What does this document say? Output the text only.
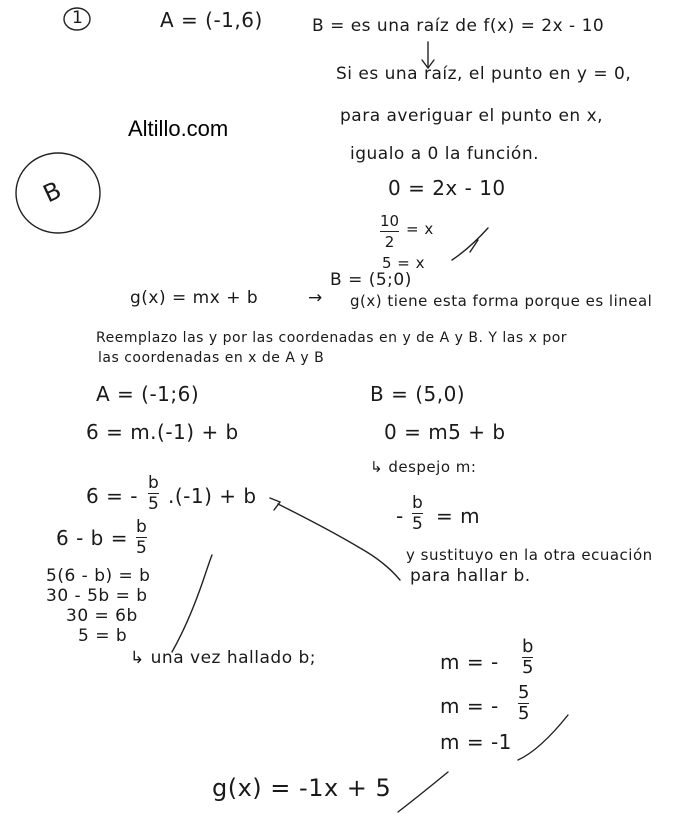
Altillo.com
B
1	A = (-1,6)	B = es una raíz de f(x) = 2x - 10
Si es una raíz, el punto en y = 0,
para averiguar el punto en x,
igualo a 0 la función.
0 = 2x - 10
10
2
= x
5 = x
B = (5;0)
g(x) = mx + b	→ g(x) tiene esta forma porque es lineal
Reemplazo las y por las coordenadas en y de A y B. Y las x por
las coordenadas en x de A y B
A = (-1;6)	B = (5,0)
6 = m.(-1) + b	0 = m5 + b
↳ despejo m:
-
b
5 = m
y sustituyo en la otra ecuación
para hallar b.
6 = -
b
5 .(-1) + b
6 - b = b
5
5(6 - b) = b
30 - 5b = b
30 = 6b
5 = b
↳ una vez hallado b;	m = -
b
5
m = -
5
5
m = -1
g(x) = -1x + 5
